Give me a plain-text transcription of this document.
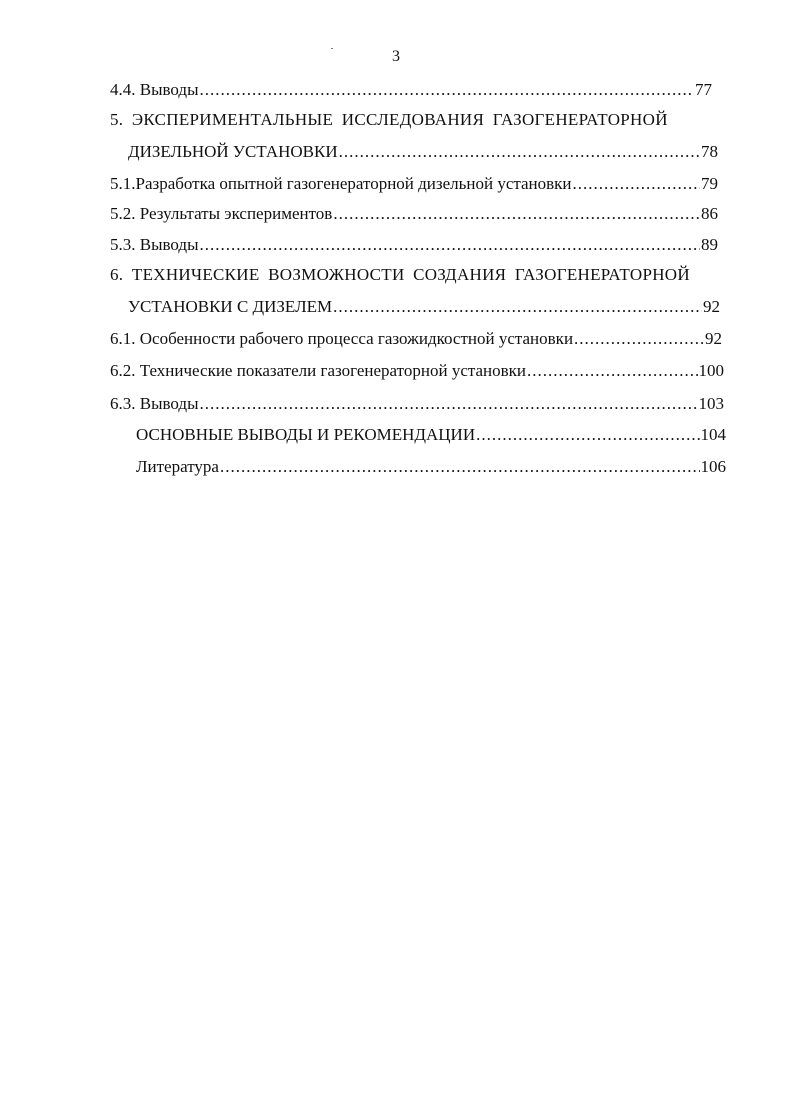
3
4.4. Выводы .....	77
5. ЭКСПЕРИМЕНТАЛЬНЫЕ ИССЛЕДОВАНИЯ ГАЗОГЕНЕРАТОРНОЙ
ДИЗЕЛЬНОЙ УСТАНОВКИ .....	78
5.1.Разработка опытной газогенераторной дизельной установки .....	79
5.2. Результаты экспериментов .....	86
5.3. Выводы .....	89
6. ТЕХНИЧЕСКИЕ ВОЗМОЖНОСТИ СОЗДАНИЯ ГАЗОГЕНЕРАТОРНОЙ
УСТАНОВКИ С ДИЗЕЛЕМ .....	92
6.1. Особенности рабочего процесса газожидкостной установки .....	92
6.2. Технические показатели газогенераторной установки .....	100
6.3. Выводы .....	103
ОСНОВНЫЕ ВЫВОДЫ И РЕКОМЕНДАЦИИ .....	104
Литература .....	106
